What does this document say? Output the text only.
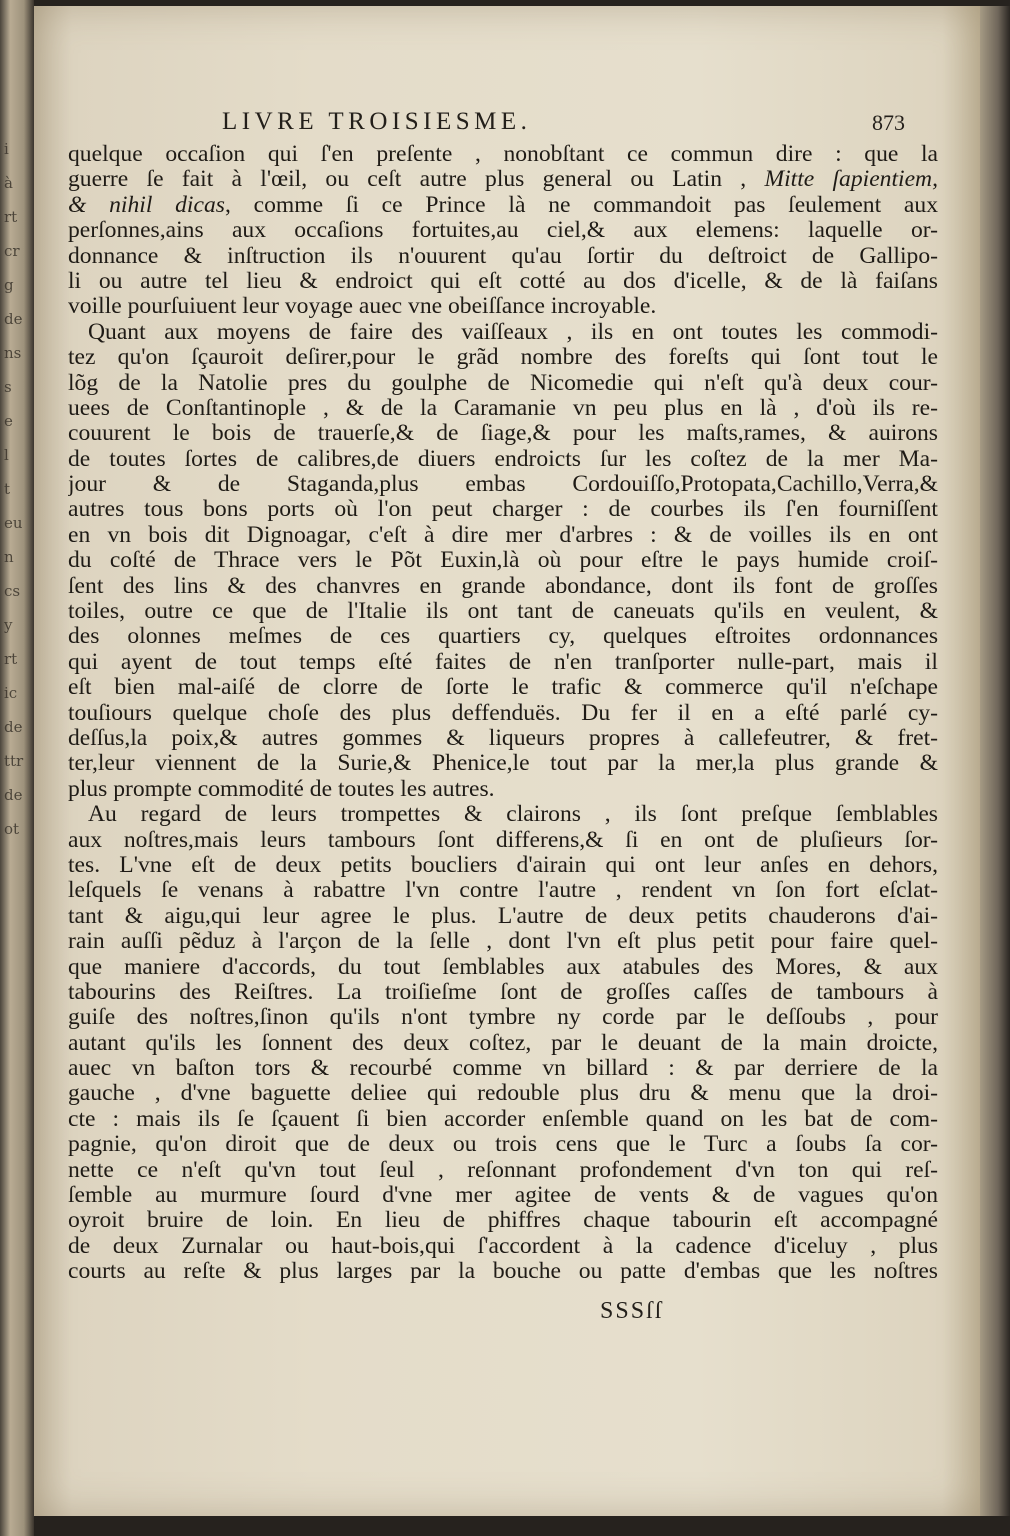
i
à
rt
cr
g
de
ns
s
e
l
t
eu
n
cs
y
rt
ic
de
ttr
de
ot
LIVRE TROISIESME.	873
quelque occaſion qui ſ'en preſente , nonobſtant ce commun dire : que la
guerre ſe fait à l'œil, ou ceſt autre plus general ou Latin , Mitte ſapientiem,
& nihil dicas, comme ſi ce Prince là ne commandoit pas ſeulement aux
perſonnes,ains aux occaſions fortuites,au ciel,& aux elemens: laquelle or-
donnance & inſtruction ils n'ouurent qu'au ſortir du deſtroict de Gallipo-
li ou autre tel lieu & endroict qui eſt cotté au dos d'icelle, & de là faiſans
voille pourſuiuent leur voyage auec vne obeiſſance incroyable.
Quant aux moyens de faire des vaiſſeaux , ils en ont toutes les commodi-
tez qu'on ſçauroit deſirer,pour le grãd nombre des foreſts qui ſont tout le
lõg de la Natolie pres du goulphe de Nicomedie qui n'eſt qu'à deux cour-
uees de Conſtantinople , & de la Caramanie vn peu plus en là , d'où ils re-
couurent le bois de trauerſe,& de ſiage,& pour les maſts,rames, & auirons
de toutes ſortes de calibres,de diuers endroicts ſur les coſtez de la mer Ma-
jour & de Staganda,plus embas Cordouiſſo,Protopata,Cachillo,Verra,&
autres tous bons ports où l'on peut charger : de courbes ils ſ'en fourniſſent
en vn bois dit Dignoagar, c'eſt à dire mer d'arbres : & de voilles ils en ont
du coſté de Thrace vers le Põt Euxin,là où pour eſtre le pays humide croiſ-
ſent des lins & des chanvres en grande abondance, dont ils font de groſſes
toiles, outre ce que de l'Italie ils ont tant de caneuats qu'ils en veulent, &
des olonnes meſmes de ces quartiers cy, quelques eſtroites ordonnances
qui ayent de tout temps eſté faites de n'en tranſporter nulle-part, mais il
eſt bien mal-aiſé de clorre de ſorte le trafic & commerce qu'il n'eſchape
touſiours quelque choſe des plus deffenduës. Du fer il en a eſté parlé cy-
deſſus,la poix,& autres gommes & liqueurs propres à callefeutrer, & fret-
ter,leur viennent de la Surie,& Phenice,le tout par la mer,la plus grande &
plus prompte commodité de toutes les autres.
Au regard de leurs trompettes & clairons , ils ſont preſque ſemblables
aux noſtres,mais leurs tambours ſont differens,& ſi en ont de pluſieurs ſor-
tes. L'vne eſt de deux petits boucliers d'airain qui ont leur anſes en dehors,
leſquels ſe venans à rabattre l'vn contre l'autre , rendent vn ſon fort eſclat-
tant & aigu,qui leur agree le plus. L'autre de deux petits chauderons d'ai-
rain auſſi pẽduz à l'arçon de la ſelle , dont l'vn eſt plus petit pour faire quel-
que maniere d'accords, du tout ſemblables aux atabules des Mores, & aux
tabourins des Reiſtres. La troiſieſme ſont de groſſes caſſes de tambours à
guiſe des noſtres,ſinon qu'ils n'ont tymbre ny corde par le deſſoubs , pour
autant qu'ils les ſonnent des deux coſtez, par le deuant de la main droicte,
auec vn baſton tors & recourbé comme vn billard : & par derriere de la
gauche , d'vne baguette deliee qui redouble plus dru & menu que la droi-
cte : mais ils ſe ſçauent ſi bien accorder enſemble quand on les bat de com-
pagnie, qu'on diroit que de deux ou trois cens que le Turc a ſoubs ſa cor-
nette ce n'eſt qu'vn tout ſeul , reſonnant profondement d'vn ton qui reſ-
ſemble au murmure ſourd d'vne mer agitee de vents & de vagues qu'on
oyroit bruire de loin. En lieu de phiffres chaque tabourin eſt accompagné
de deux Zurnalar ou haut-bois,qui ſ'accordent à la cadence d'iceluy , plus
courts au reſte & plus larges par la bouche ou patte d'embas que les noſtres
SSSſſ
